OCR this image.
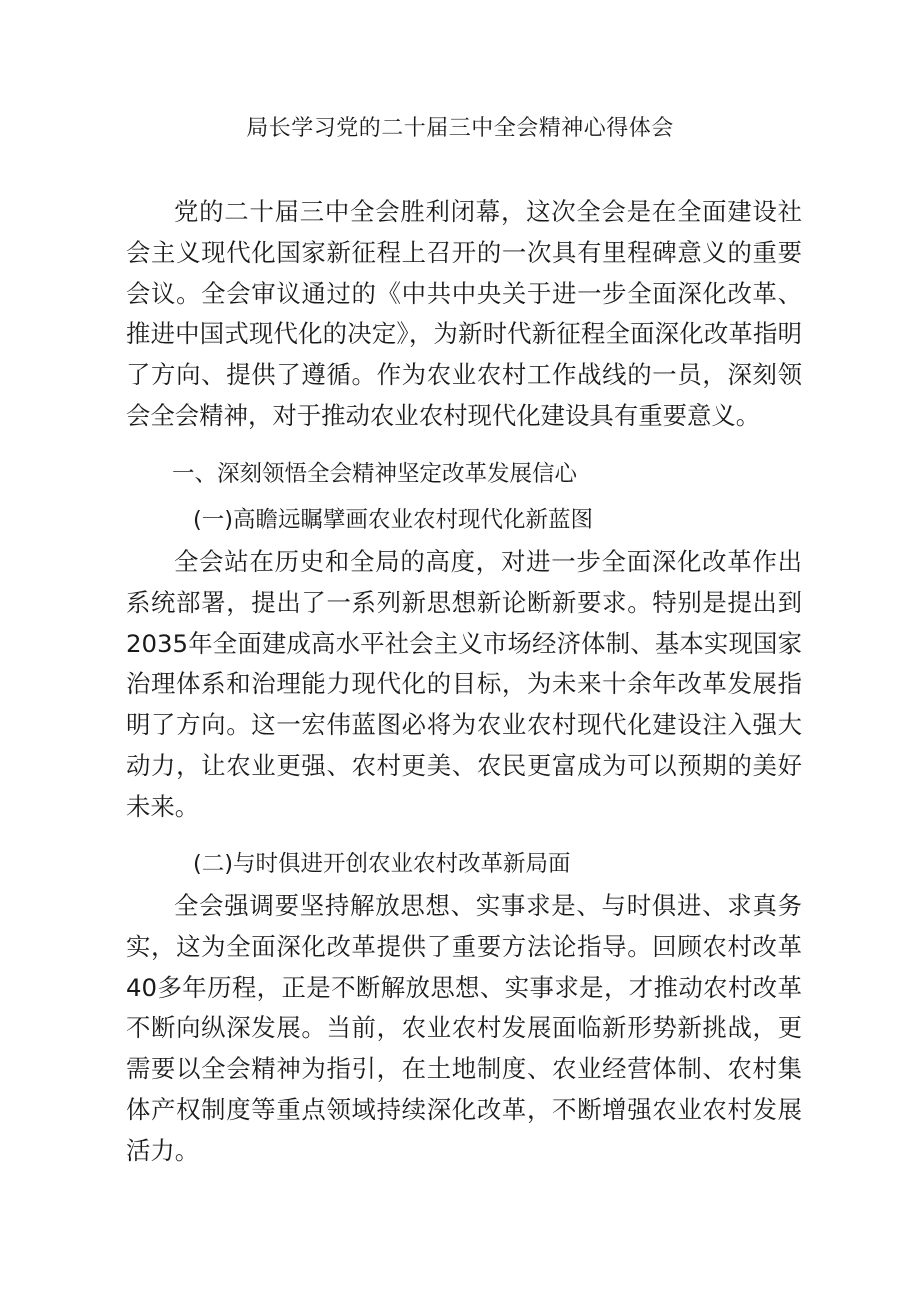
局长学习党的二十届三中全会精神心得体会

党的二十届三中全会胜利闭幕，这次全会是在全面建设社会主义现代化国家新征程上召开的一次具有里程碑意义的重要会议。全会审议通过的《中共中央关于进一步全面深化改革、推进中国式现代化的决定》，为新时代新征程全面深化改革指明了方向、提供了遵循。作为农业农村工作战线的一员，深刻领会全会精神，对于推动农业农村现代化建设具有重要意义。

一、深刻领悟全会精神坚定改革发展信心
(一)高瞻远瞩擘画农业农村现代化新蓝图

全会站在历史和全局的高度，对进一步全面深化改革作出系统部署，提出了一系列新思想新论断新要求。特别是提出到2035年全面建成高水平社会主义市场经济体制、基本实现国家治理体系和治理能力现代化的目标，为未来十余年改革发展指明了方向。这一宏伟蓝图必将为农业农村现代化建设注入强大动力，让农业更强、农村更美、农民更富成为可以预期的美好未来。

(二)与时俱进开创农业农村改革新局面

全会强调要坚持解放思想、实事求是、与时俱进、求真务实，这为全面深化改革提供了重要方法论指导。回顾农村改革40多年历程，正是不断解放思想、实事求是，才推动农村改革不断向纵深发展。当前，农业农村发展面临新形势新挑战，更需要以全会精神为指引，在土地制度、农业经营体制、农村集体产权制度等重点领域持续深化改革，不断增强农业农村发展活力。
